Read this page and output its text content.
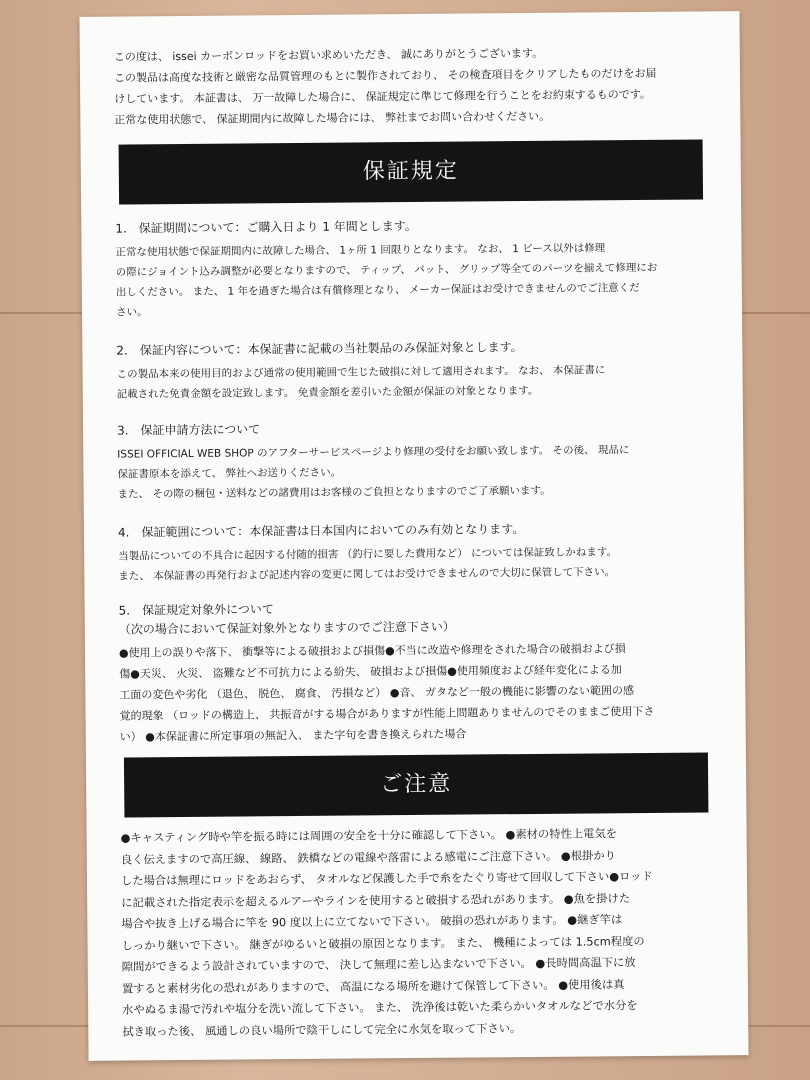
この度は、 issei カーボンロッドをお買い求めいただき、 誠にありがとうございます。

この製品は高度な技術と厳密な品質管理のもとに製作されており、 その検査項目をクリアしたものだけをお届

けしています。 本証書は、 万一故障した場合に、 保証規定に準じて修理を行うことをお約束するものです。

正常な使用状態で、 保証期間内に故障した場合には、 弊社までお問い合わせください。

保証規定
1.　保証期間について：ご購入日より 1 年間とします。

正常な使用状態で保証期間内に故障した場合、 1ヶ所 1 回限りとなります。 なお、 1 ピース以外は修理

の際にジョイント込み調整が必要となりますので、 ティップ、 バット、 グリップ等全てのパーツを揃えて修理にお

出しください。 また、 1 年を過ぎた場合は有償修理となり、 メーカー保証はお受けできませんのでご注意くだ

さい。

2.　保証内容について：本保証書に記載の当社製品のみ保証対象とします。

この製品本来の使用目的および通常の使用範囲で生じた破損に対して適用されます。 なお、 本保証書に

記載された免責金額を設定致します。 免責金額を差引いた金額が保証の対象となります。

3.　保証申請方法について

ISSEI OFFICIAL WEB SHOP のアフターサービスページより修理の受付をお願い致します。 その後、 現品に

保証書原本を添えて、 弊社へお送りください。

また、 その際の梱包・送料などの諸費用はお客様のご負担となりますのでご了承願います。

4.　保証範囲について：本保証書は日本国内においてのみ有効となります。

当製品についての不具合に起因する付随的損害 （釣行に要した費用など） については保証致しかねます。

また、 本保証書の再発行および記述内容の変更に関してはお受けできませんので大切に保管して下さい。

5.　保証規定対象外について
（次の場合において保証対象外となりますのでご注意下さい）

●使用上の誤りや落下、 衝撃等による破損および損傷●不当に改造や修理をされた場合の破損および損

傷●天災、 火災、 盗難など不可抗力による紛失、 破損および損傷●使用頻度および経年変化による加

工面の変色や劣化 （退色、 脱色、 腐食、 汚損など） ●音、 ガタなど一般の機能に影響のない範囲の感

覚的現象 （ロッドの構造上、 共振音がする場合がありますが性能上問題ありませんのでそのままご使用下さ

い） ●本保証書に所定事項の無記入、 また字句を書き換えられた場合

ご注意

●キャスティング時や竿を振る時には周囲の安全を十分に確認して下さい。 ●素材の特性上電気を

良く伝えますので高圧線、 線路、 鉄橋などの電線や落雷による感電にご注意下さい。 ●根掛かり

した場合は無理にロッドをあおらず、 タオルなど保護した手で糸をたぐり寄せて回収して下さい●ロッド

に記載された指定表示を超えるルアーやラインを使用すると破損する恐れがあります。 ●魚を掛けた

場合や抜き上げる場合に竿を 90 度以上に立てないで下さい。 破損の恐れがあります。 ●継ぎ竿は

しっかり継いで下さい。 継ぎがゆるいと破損の原因となります。 また、 機種によっては 1.5cm程度の

隙間ができるよう設計されていますので、 決して無理に差し込まないで下さい。 ●長時間高温下に放

置すると素材劣化の恐れがありますので、 高温になる場所を避けて保管して下さい。 ●使用後は真

水やぬるま湯で汚れや塩分を洗い流して下さい。 また、 洗浄後は乾いた柔らかいタオルなどで水分を

拭き取った後、 風通しの良い場所で陰干しにして完全に水気を取って下さい。
